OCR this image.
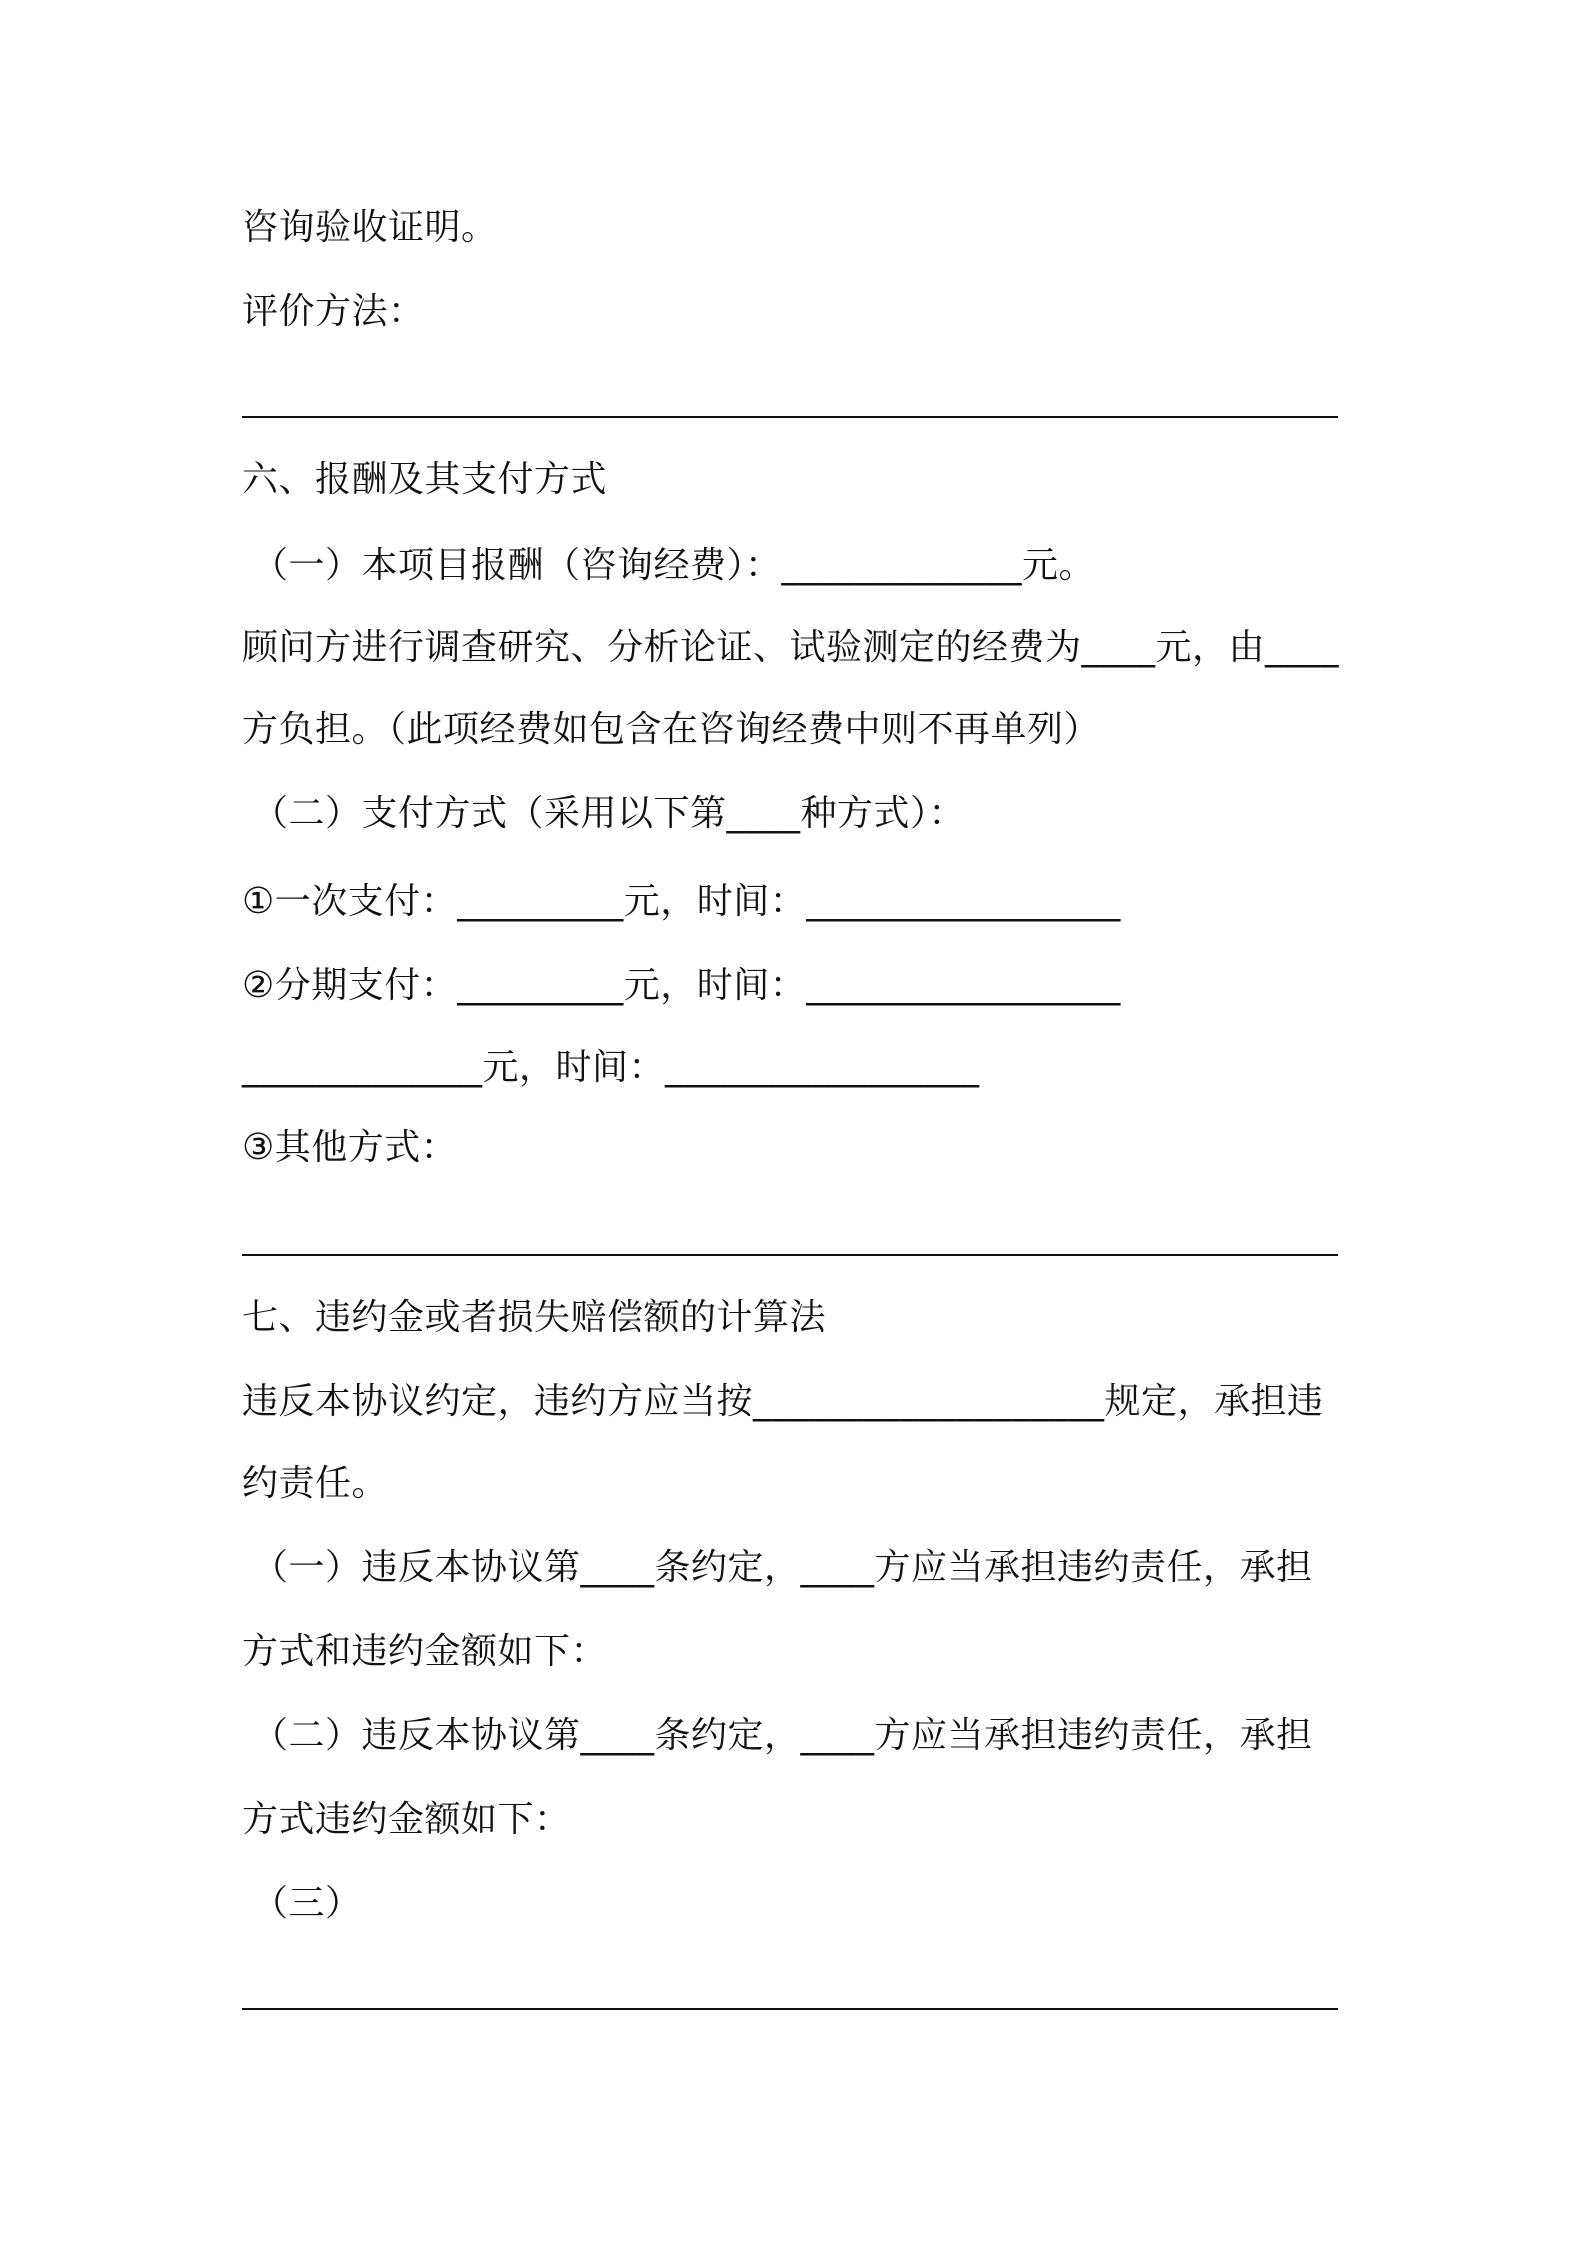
咨询验收证明。
评价方法：
六、报酬及其支付方式
（一）本项目报酬（咨询经费）：_____________元。
顾问方进行调查研究、分析论证、试验测定的经费为____元，由____
方负担。（此项经费如包含在咨询经费中则不再单列）
（二）支付方式（采用以下第____种方式）：
①一次支付：_________元，时间：_________________
②分期支付：_________元，时间：_________________
_____________元，时间：_________________
③其他方式：
七、违约金或者损失赔偿额的计算法
违反本协议约定，违约方应当按___________________规定，承担违
约责任。
（一）违反本协议第____条约定，____方应当承担违约责任，承担
方式和违约金额如下：
（二）违反本协议第____条约定，____方应当承担违约责任，承担
方式违约金额如下：
（三）
